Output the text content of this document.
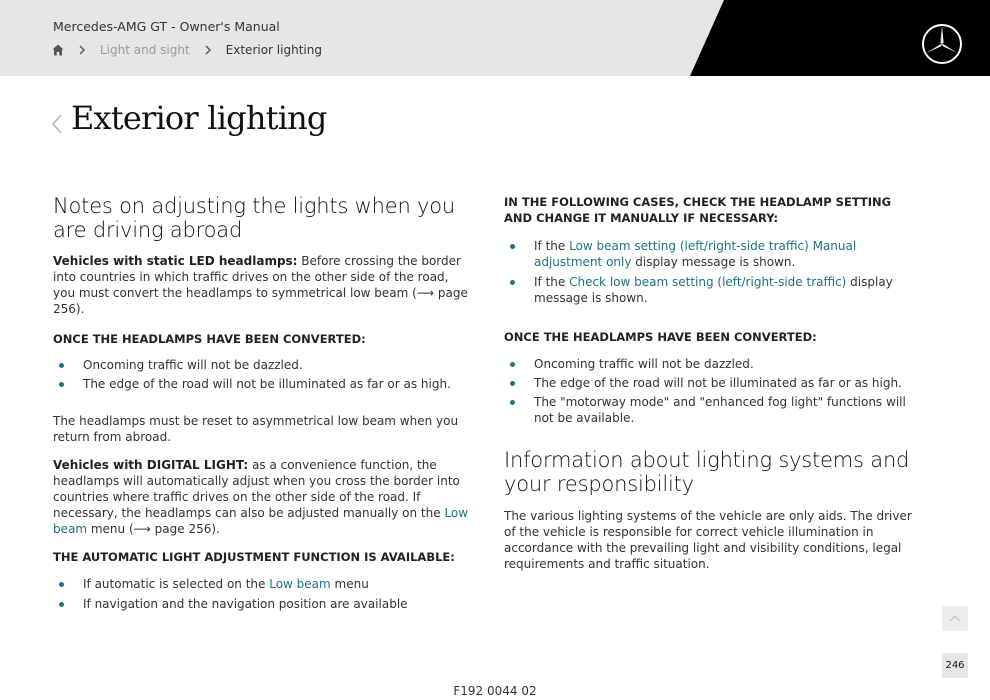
Mercedes-AMG GT - Owner's Manual
Light and sight	Exterior lighting
Exterior lighting
Notes on adjusting the lights when you are driving abroad

Vehicles with static LED headlamps: Before crossing the border into countries in which traffic drives on the other side of the road, you must convert the headlamps to symmetrical low beam (⟶ page 256).

ONCE THE HEADLAMPS HAVE BEEN CONVERTED:

Oncoming traffic will not be dazzled.
The edge of the road will not be illuminated as far or as high.

The headlamps must be reset to asymmetrical low beam when you return from abroad.

Vehicles with DIGITAL LIGHT: as a convenience function, the headlamps will automatically adjust when you cross the border into countries where traffic drives on the other side of the road. If necessary, the headlamps can also be adjusted manually on the Low beam menu (⟶ page 256).

THE AUTOMATIC LIGHT ADJUSTMENT FUNCTION IS AVAILABLE:

If automatic is selected on the Low beam menu
If navigation and the navigation position are available

IN THE FOLLOWING CASES, CHECK THE HEADLAMP SETTING AND CHANGE IT MANUALLY IF NECESSARY:

If the Low beam setting (left/right-side traffic) Manual adjustment only display message is shown.
If the Check low beam setting (left/right-side traffic) display message is shown.

ONCE THE HEADLAMPS HAVE BEEN CONVERTED:

Oncoming traffic will not be dazzled.
The edge of the road will not be illuminated as far or as high.
The "motorway mode" and "enhanced fog light" functions will not be available.
Information about lighting systems and your responsibility

The various lighting systems of the vehicle are only aids. The driver of the vehicle is responsible for correct vehicle illumination in accordance with the prevailing light and visibility conditions, legal requirements and traffic situation.

246
F192 0044 02
